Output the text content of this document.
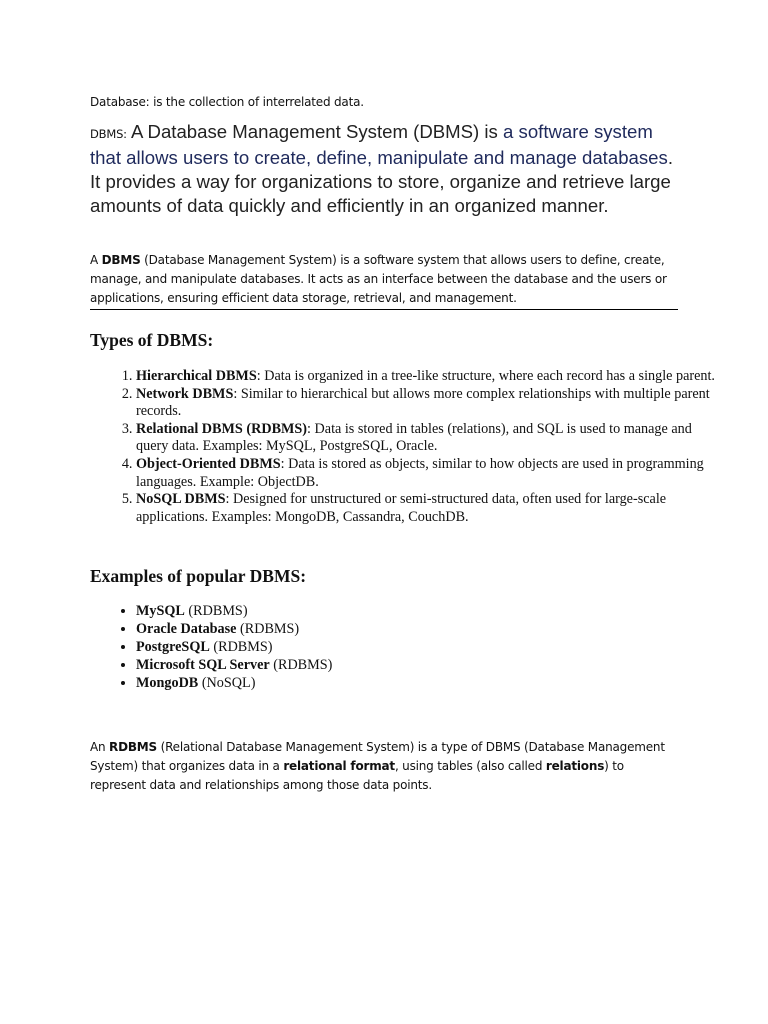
Database: is the collection of interrelated data.

DBMS: A Database Management System (DBMS) is a software system that allows users to create, define, manipulate and manage databases. It provides a way for organizations to store, organize and retrieve large amounts of data quickly and efficiently in an organized manner.

A DBMS (Database Management System) is a software system that allows users to define, create, manage, and manipulate databases. It acts as an interface between the database and the users or applications, ensuring efficient data storage, retrieval, and management.

Types of DBMS:
1. Hierarchical DBMS: Data is organized in a tree-like structure, where each record has a single parent.
2. Network DBMS: Similar to hierarchical but allows more complex relationships with multiple parent records.
3. Relational DBMS (RDBMS): Data is stored in tables (relations), and SQL is used to manage and query data. Examples: MySQL, PostgreSQL, Oracle.
4. Object-Oriented DBMS: Data is stored as objects, similar to how objects are used in programming languages. Example: ObjectDB.
5. NoSQL DBMS: Designed for unstructured or semi-structured data, often used for large-scale applications. Examples: MongoDB, Cassandra, CouchDB.
Examples of popular DBMS:
• MySQL (RDBMS)
• Oracle Database (RDBMS)
• PostgreSQL (RDBMS)
• Microsoft SQL Server (RDBMS)
• MongoDB (NoSQL)

An RDBMS (Relational Database Management System) is a type of DBMS (Database Management System) that organizes data in a relational format, using tables (also called relations) to represent data and relationships among those data points.
